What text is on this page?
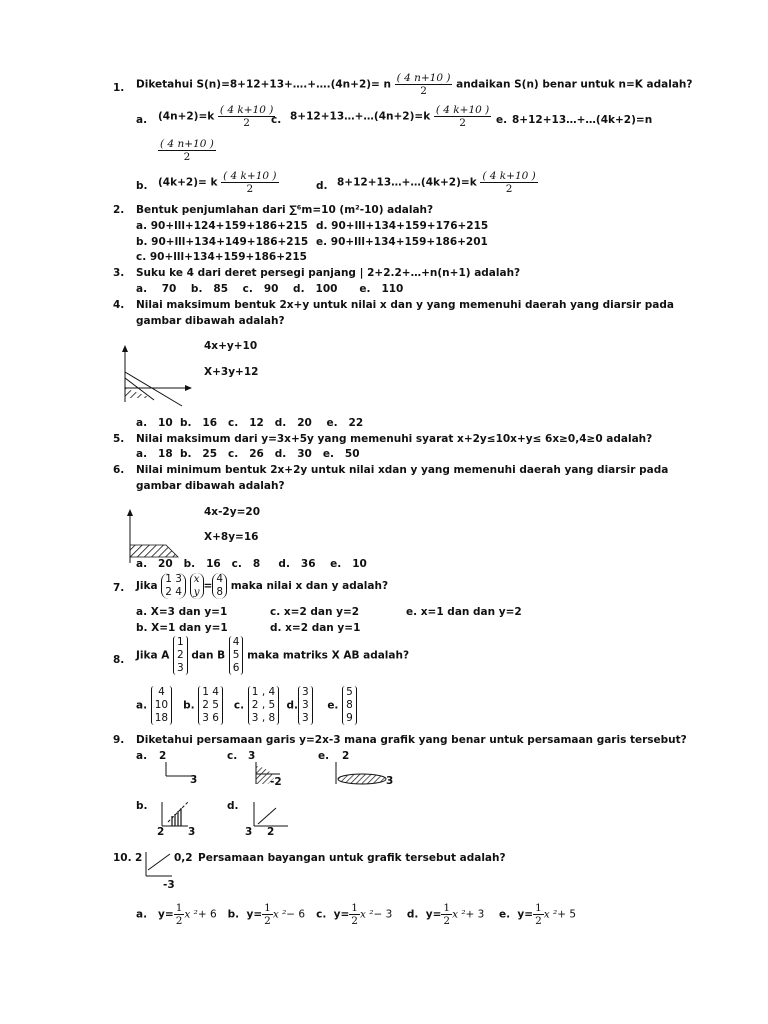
1. Diketahui S(n)=8+12+13+….+….(4n+2)= n $\frac{( 4 n+10 )}{2}$ andaikan S(n) benar untuk n=K adalah?
a. $(4n+2)=k \frac{( 4 k+10 )}{2}$
c. 8+12+13…+…(4n+2)=k $\frac{( 4 k+10 )}{2} e$. 8+12+13…+…(4k+2)=n
$\frac{( 4 n+10 )}{2}$
b. (4k+2)= k $\frac{( 4 k+10 )}{2}$	d. 8+12+13…+…(4k+2)=k $\frac{( 4 k+10 )}{2}$
2. Bentuk penjumlahan dari ∑⁶m=10 (m²-10) adalah?
a. 90+lll+124+159+186+215 d. 90+lll+134+159+176+215
b. 90+lll+134+149+186+215 e. 90+lll+134+159+186+201
c. 90+lll+134+159+186+215
3. Suku ke 4 dari deret persegi panjang | 2+2.2+…+n(n+1) adalah?
a.    70    b.   85    c.   90    d.   100      e.   110
4. Nilai maksimum bentuk 2x+y untuk nilai x dan y yang memenuhi daerah yang diarsir pada
gambar dibawah adalah?
4x+y+10
X+3y+12
a.   10  b.   16   c.   12   d.   20    e.   22
5. Nilai maksimum dari y=3x+5y yang memenuhi syarat x+2y≤10x+y≤ 6x≥0,4≥0 adalah?
a.   18  b.   25   c.   26   d.   30   e.   50
6. Nilai minimum bentuk 2x+2y untuk nilai xdan y yang memenuhi daerah yang diarsir pada
gambar dibawah adalah?
4x-2y=20
X+8y=16
a.   20   b.   16   c.   8     d.   36    e.   10
7. Jika
1 3
2 4

x
y =
4
8 maka nilai x dan y adalah?
a. X=3 dan y=1	c. x=2 dan y=2	e. x=1 dan dan y=2
b. X=1 dan y=1	d. x=2 dan y=1
8. Jika A
1
2
3
dan B
4
5
6
maka matriks X AB adalah?
a.
4
10
18
b.
1 4
2 5
3 6
c.
1 , 4
2 , 5
3 , 8
d.
3
3
3
e.
5
8
9
9. Diketahui persamaan garis y=2x-3 mana grafik yang benar untuk persamaan garis tersebut?
a. 2
3
c. 3
-2
e. 2
3
b.
2 3
d.
3 2
10. 2	0,2 Persamaan bayangan untuk grafik tersebut adalah?
-3
a. $y= \frac{1}{2}$ x ²+ 6 b. $y= \frac{1}{2}$ x ²− 6 c. $y= \frac{1}{2}$ x ²− 3 d. $y= \frac{1}{2}$ x ²+ 3 e. $y= \frac{1}{2}$ x ²+ 5
